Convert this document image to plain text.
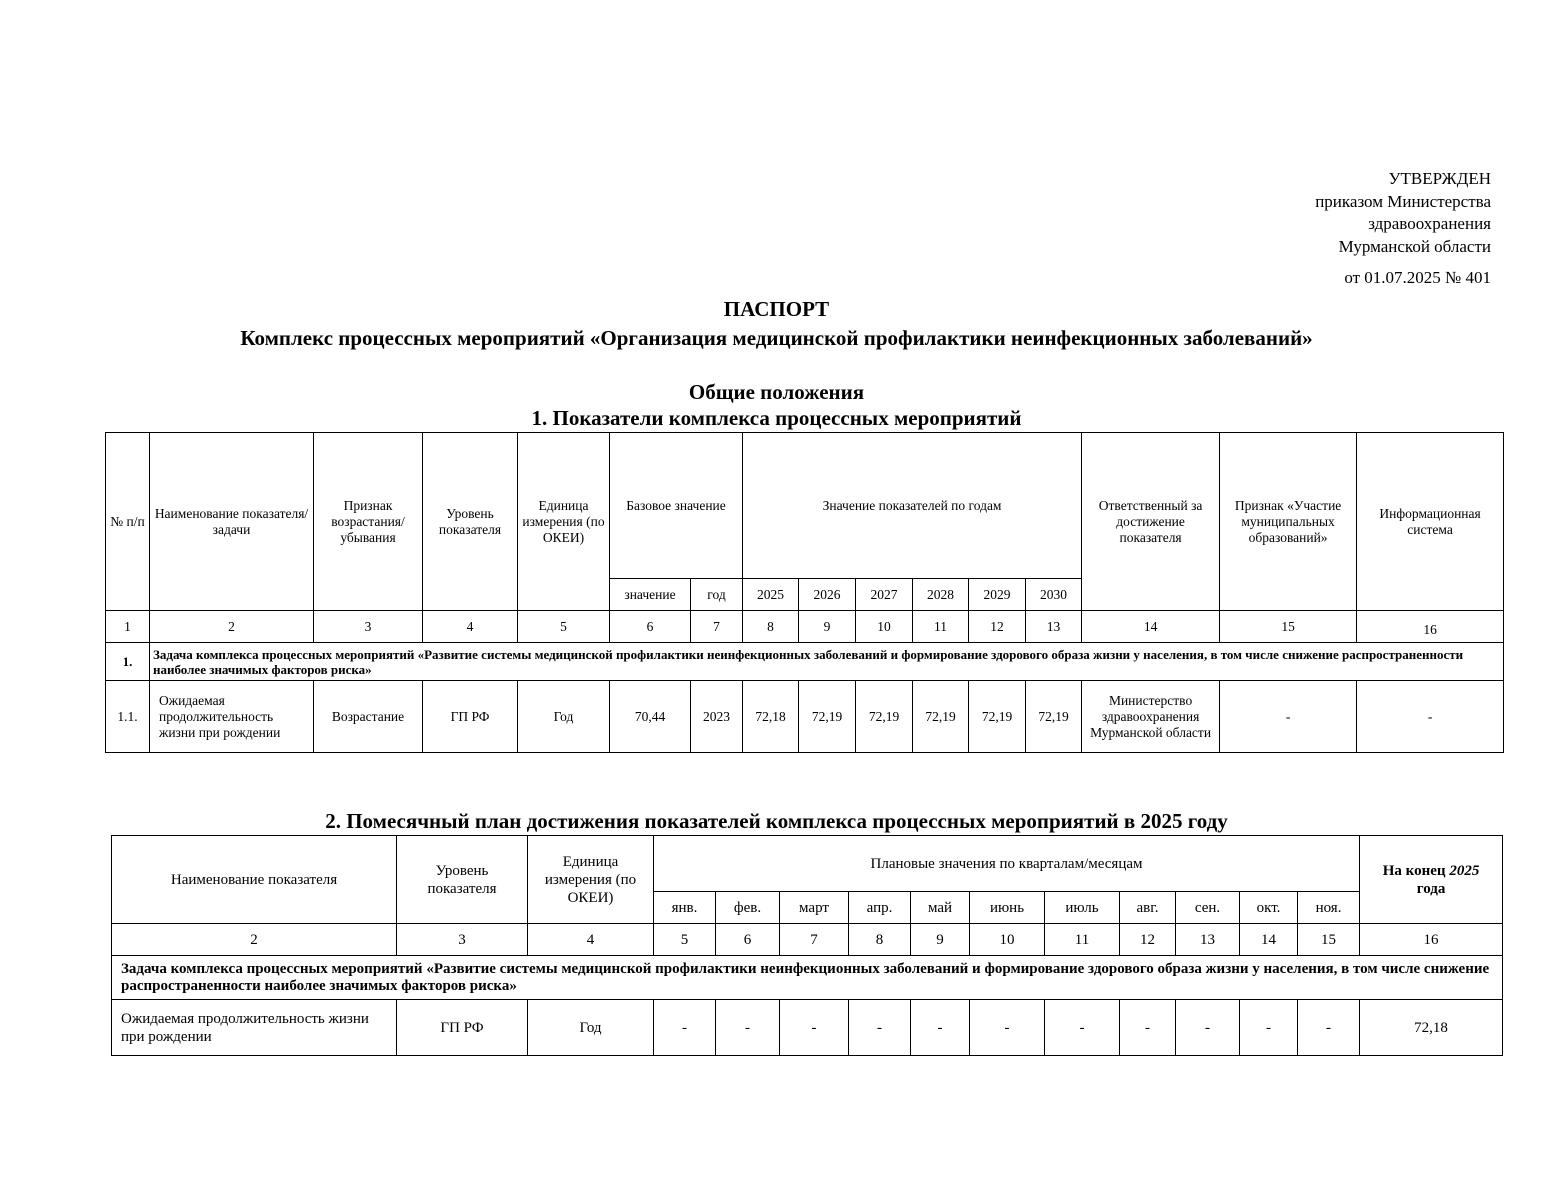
УТВЕРЖДЕН
приказом Министерства
здравоохранения
Мурманской области
от 01.07.2025 № 401
ПАСПОРТ
Комплекс процессных мероприятий «Организация медицинской профилактики неинфекционных заболеваний»
Общие положения
1. Показатели комплекса процессных мероприятий
№ п/п	Наименование показателя/задачи	Признак возрастания/ убывания	Уровень показателя	Единица измерения (по ОКЕИ)	Базовое значение		Значение показателей по годам						Ответственный за достижение показателя	Признак «Участие муниципальных образований»	Информационная система
					значение	год	2025	2026	2027	2028	2029	2030			
1	2	3	4	5	6	7	8	9	10	11	12	13	14	15	16
1.	Задача комплекса процессных мероприятий «Развитие системы медицинской профилактики неинфекционных заболеваний и формирование здорового образа жизни у населения, в том числе снижение распространенности наиболее значимых факторов риска»														
1.1.	Ожидаемая продолжительность жизни при рождении	Возрастание	ГП РФ	Год	70,44	2023	72,18	72,19	72,19	72,19	72,19	72,19	Министерство здравоохранения Мурманской области	-	-
2. Помесячный план достижения показателей комплекса процессных мероприятий в 2025 году
Наименование показателя	Уровень показателя	Единица измерения (по ОКЕИ)	Плановые значения по кварталам/месяцам											На конец 2025
года
			янв.	фев.	март	апр.	май	июнь	июль	авг.	сен.	окт.	ноя.	
2	3	4	5	6	7	8	9	10	11	12	13	14	15	16
Задача комплекса процессных мероприятий «Развитие системы медицинской профилактики неинфекционных заболеваний и формирование здорового образа жизни у населения, в том числе снижение распространенности наиболее значимых факторов риска»														
Ожидаемая продолжительность жизни при рождении	ГП РФ	Год	-	-	-	-	-	-	-	-	-	-	-	72,18
